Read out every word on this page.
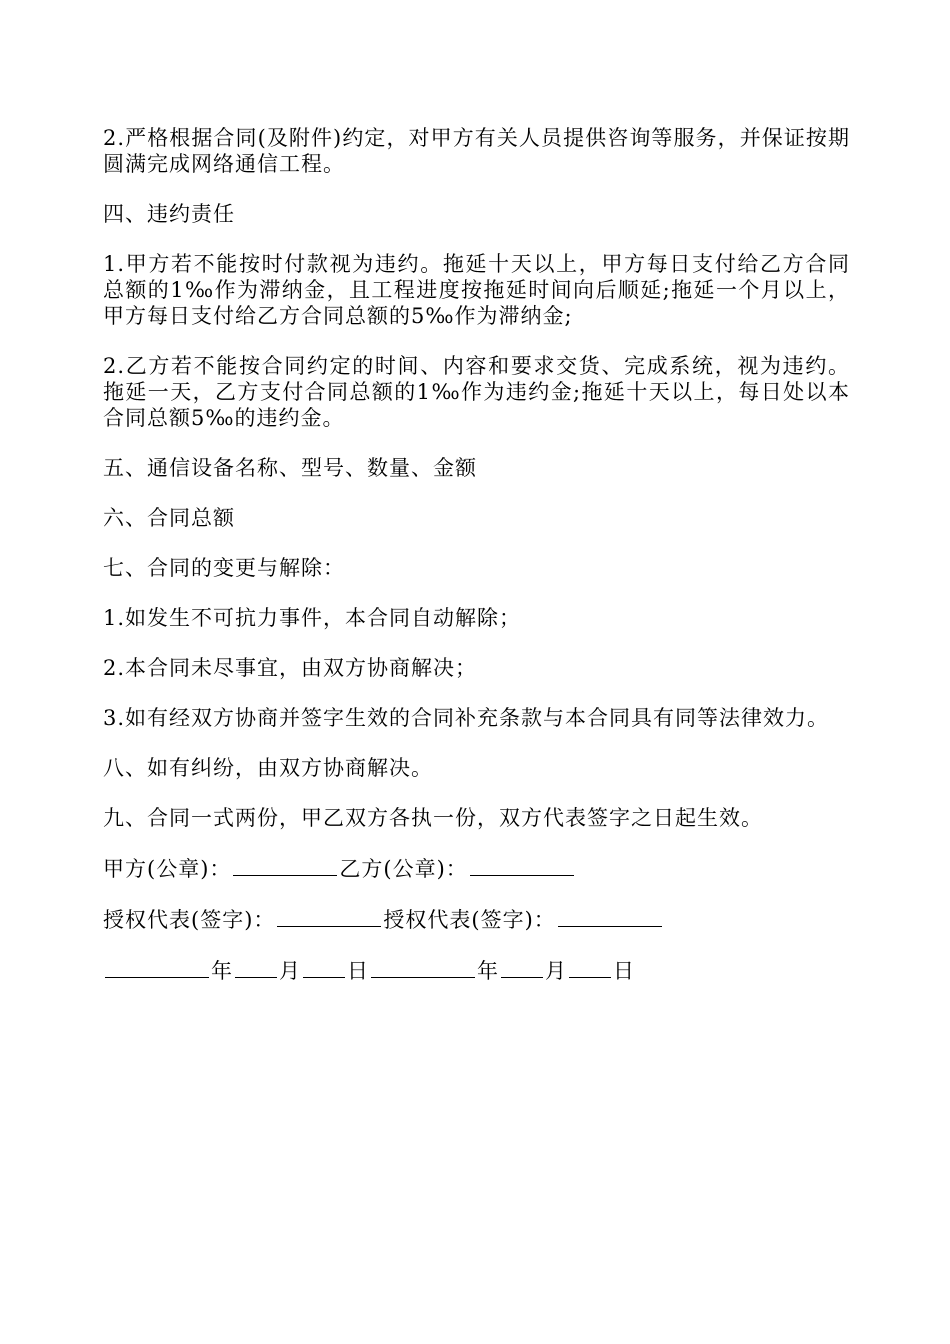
2.严格根据合同(及附件)约定，对甲方有关人员提供咨询等服务，并保证按期圆满完成网络通信工程。

四、违约责任

1.甲方若不能按时付款视为违约。拖延十天以上，甲方每日支付给乙方合同总额的1‰作为滞纳金，且工程进度按拖延时间向后顺延;拖延一个月以上，甲方每日支付给乙方合同总额的5‰作为滞纳金;

2.乙方若不能按合同约定的时间、内容和要求交货、完成系统，视为违约。拖延一天，乙方支付合同总额的1‰作为违约金;拖延十天以上，每日处以本合同总额5‰的违约金。

五、通信设备名称、型号、数量、金额

六、合同总额

七、合同的变更与解除：

1.如发生不可抗力事件，本合同自动解除；

2.本合同未尽事宜，由双方协商解决；

3.如有经双方协商并签字生效的合同补充条款与本合同具有同等法律效力。

八、如有纠纷，由双方协商解决。

九、合同一式两份，甲乙双方各执一份，双方代表签字之日起生效。

甲方(公章)：	乙方(公章)：
授权代表(签字)：	授权代表(签字)：
年 月 日	年 月 日
